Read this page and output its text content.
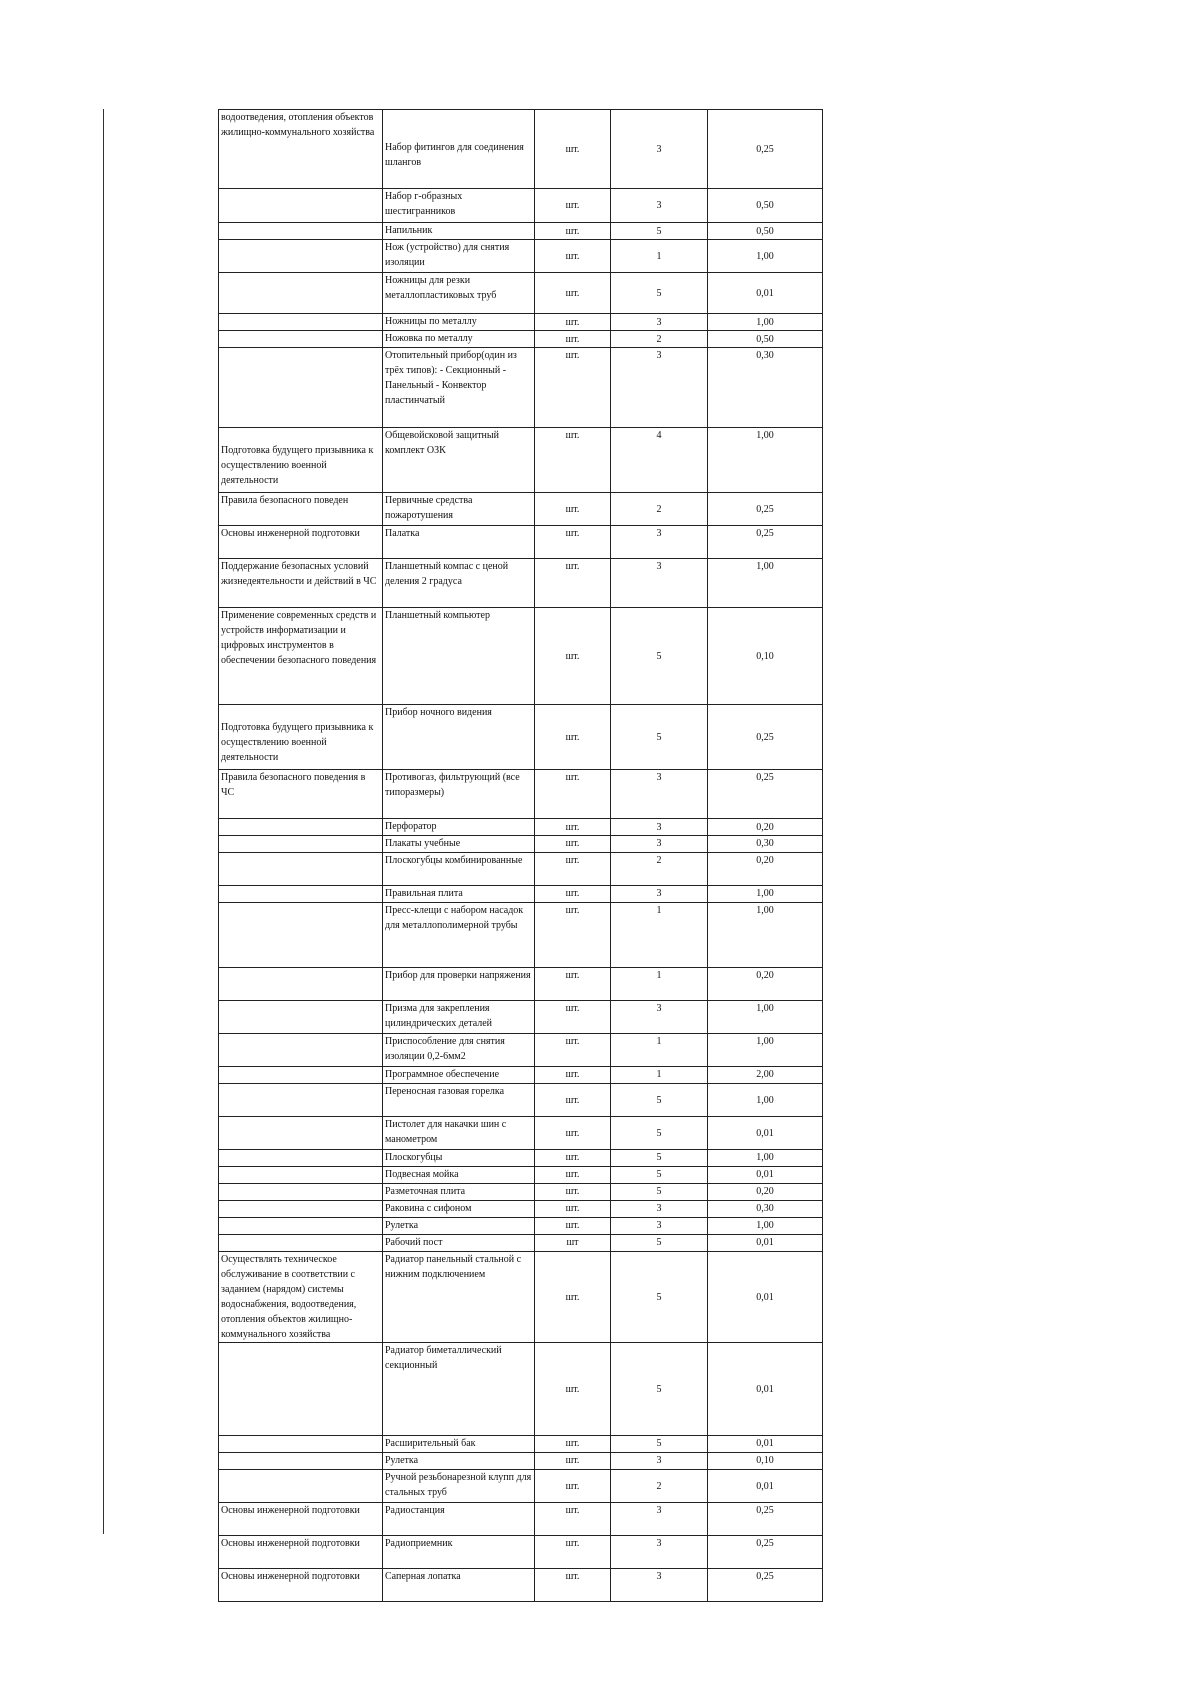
водоотведения, отопления объектов жилищно-коммунального хозяйства	Набор фитингов для соединения шлангов	шт.	3	0,25
	Набор г-образных шестигранников	шт.	3	0,50
	Напильник	шт.	5	0,50
	Нож (устройство) для снятия изоляции	шт.	1	1,00
	Ножницы для резки металлопластиковых труб	шт.	5	0,01
	Ножницы по металлу	шт.	3	1,00
	Ножовка по металлу	шт.	2	0,50
	Отопительный прибор(один из трёх типов): - Секционный - Панельный - Конвектор пластинчатый	шт.	3	0,30

Подготовка будущего призывника к осуществлению военной деятельности	Общевойсковой защитный комплект ОЗК	шт.	4	1,00
Правила безопасного поведен	Первичные средства пожаротушения	шт.	2	0,25
Основы инженерной подготовки	Палатка	шт.	3	0,25
Поддержание безопасных условий жизнедеятельности и действий в ЧС	Планшетный компас с ценой деления 2 градуса	шт.	3	1,00
Применение современных средств и устройств информатизации и цифровых инструментов в обеспечении безопасного поведения	Планшетный компьютер	шт.	5	0,10

Подготовка будущего призывника к осуществлению военной деятельности	Прибор ночного видения	шт.	5	0,25
Правила безопасного поведения в ЧС	Противогаз, фильтрующий (все типоразмеры)	шт.	3	0,25
	Перфоратор	шт.	3	0,20
	Плакаты учебные	шт.	3	0,30
	Плоскогубцы комбинированные	шт.	2	0,20
	Правильная плита	шт.	3	1,00
	Пресс-клещи с набором насадок для металлополимерной трубы	шт.	1	1,00
	Прибор для проверки напряжения	шт.	1	0,20
	Призма для закрепления цилиндрических деталей	шт.	3	1,00
	Приспособление для снятия изоляции 0,2-6мм2	шт.	1	1,00
	Программное обеспечение	шт.	1	2,00
	Переносная газовая горелка	шт.	5	1,00
	Пистолет для накачки шин с манометром	шт.	5	0,01
	Плоскогубцы	шт.	5	1,00
	Подвесная мойка	шт.	5	0,01
	Разметочная плита	шт.	5	0,20
	Раковина с сифоном	шт.	3	0,30
	Рулетка	шт.	3	1,00
	Рабочий пост	шт	5	0,01
Осуществлять техническое обслуживание в соответствии с заданием (нарядом) системы водоснабжения, водоотведения, отопления объектов жилищно-коммунального хозяйства	Радиатор панельный стальной с нижним подключением	шт.	5	0,01
	Радиатор биметаллический секционный	шт.	5	0,01
	Расширительный бак	шт.	5	0,01
	Рулетка	шт.	3	0,10
	Ручной резьбонарезной клупп для стальных труб	шт.	2	0,01
Основы инженерной подготовки	Радиостанция	шт.	3	0,25
Основы инженерной подготовки	Радиоприемник	шт.	3	0,25
Основы инженерной подготовки	Саперная лопатка	шт.	3	0,25
